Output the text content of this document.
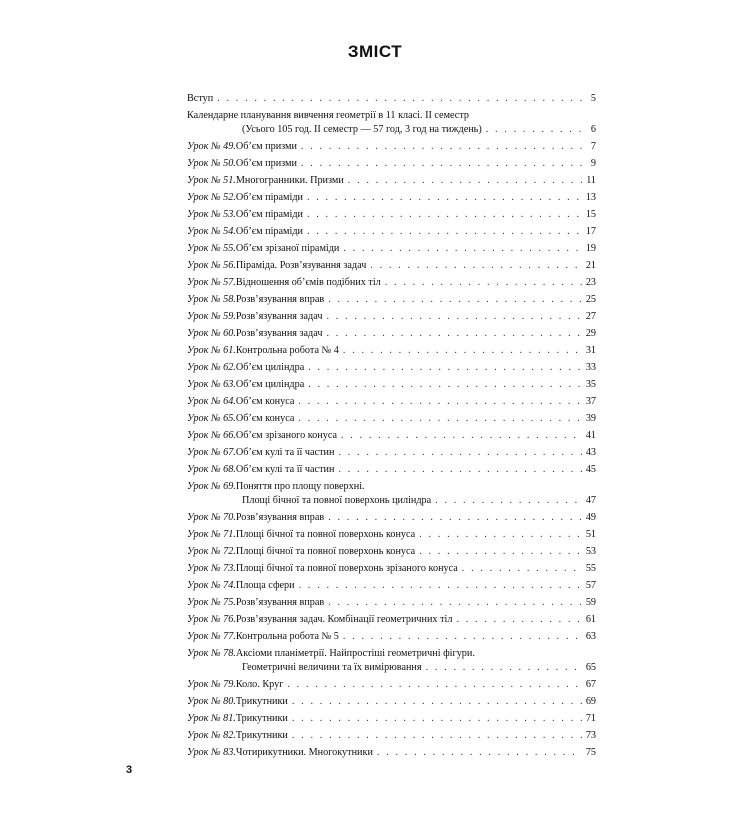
ЗМІСТ
Вступ . . .	5
Календарне планування вивчення геометрії в 11 класі. ІІ семестр
(Усього 105 год. ІІ семестр — 57 год, 3 год на тиждень) . . .	6
Урок № 49. Об’єм призми . . .	7
Урок № 50. Об’єм призми . . .	9
Урок № 51. Многогранники. Призми . . .	11
Урок № 52. Об’єм піраміди . . .	13
Урок № 53. Об’єм піраміди . . .	15
Урок № 54. Об’єм піраміди . . .	17
Урок № 55. Об’єм зрізаної піраміди . . .	19
Урок № 56. Піраміда. Розв’язування задач . . .	21
Урок № 57. Відношення об’ємів подібних тіл . . .	23
Урок № 58. Розв’язування вправ . . .	25
Урок № 59. Розв’язування задач . . .	27
Урок № 60. Розв’язування задач . . .	29
Урок № 61. Контрольна робота № 4 . . .	31
Урок № 62. Об’єм циліндра . . .	33
Урок № 63. Об’єм циліндра . . .	35
Урок № 64. Об’єм конуса . . .	37
Урок № 65. Об’єм конуса . . .	39
Урок № 66. Об’єм зрізаного конуса . . .	41
Урок № 67. Об’єм кулі та її частин . . .	43
Урок № 68. Об’єм кулі та її частин . . .	45
Урок № 69. Поняття про площу поверхні.
Площі бічної та повної поверхонь циліндра . . .	47
Урок № 70. Розв’язування вправ . . .	49
Урок № 71. Площі бічної та повної поверхонь конуса . . .	51
Урок № 72. Площі бічної та повної поверхонь конуса . . .	53
Урок № 73. Площі бічної та повної поверхонь зрізаного конуса . . .	55
Урок № 74. Площа сфери . . .	57
Урок № 75. Розв’язування вправ . . .	59
Урок № 76. Розв’язування задач. Комбінації геометричних тіл . . .	61
Урок № 77. Контрольна робота № 5 . . .	63
Урок № 78. Аксіоми планіметрії. Найпростіші геометричні фігури.
Геометричні величини та їх вимірювання . . .	65
Урок № 79. Коло. Круг . . .	67
Урок № 80. Трикутники . . .	69
Урок № 81. Трикутники . . .	71
Урок № 82. Трикутники . . .	73
Урок № 83. Чотирикутники. Многокутники . . .	75
3
